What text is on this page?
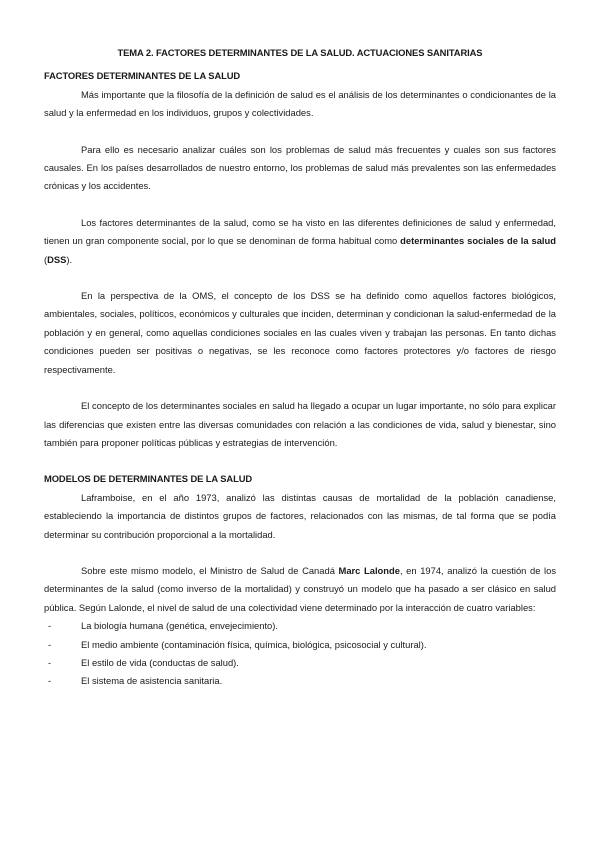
TEMA 2. FACTORES DETERMINANTES DE LA SALUD. ACTUACIONES SANITARIAS
FACTORES DETERMINANTES DE LA SALUD

Más importante que la filosofía de la definición de salud es el análisis de los determinantes o condicionantes de la salud y la enfermedad en los individuos, grupos y colectividades.

Para ello es necesario analizar cuáles son los problemas de salud más frecuentes y cuales son sus factores causales. En los países desarrollados de nuestro entorno, los problemas de salud más prevalentes son las enfermedades crónicas y los accidentes.

Los factores determinantes de la salud, como se ha visto en las diferentes definiciones de salud y enfermedad, tienen un gran componente social, por lo que se denominan de forma habitual como determinantes sociales de la salud (DSS).

En la perspectiva de la OMS, el concepto de los DSS se ha definido como aquellos factores biológicos, ambientales, sociales, políticos, económicos y culturales que inciden, determinan y condicionan la salud-enfermedad de la población y en general, como aquellas condiciones sociales en las cuales viven y trabajan las personas. En tanto dichas condiciones pueden ser positivas o negativas, se les reconoce como factores protectores y/o factores de riesgo respectivamente.

El concepto de los determinantes sociales en salud ha llegado a ocupar un lugar importante, no sólo para explicar las diferencias que existen entre las diversas comunidades con relación a las condiciones de vida, salud y bienestar, sino también para proponer políticas públicas y estrategias de intervención.

MODELOS DE DETERMINANTES DE LA SALUD

Laframboise, en el año 1973, analizó las distintas causas de mortalidad de la población canadiense, estableciendo la importancia de distintos grupos de factores, relacionados con las mismas, de tal forma que se podía determinar su contribución proporcional a la mortalidad.

Sobre este mismo modelo, el Ministro de Salud de Canadá Marc Lalonde, en 1974, analizó la cuestión de los determinantes de la salud (como inverso de la mortalidad) y construyó un modelo que ha pasado a ser clásico en salud pública. Según Lalonde, el nivel de salud de una colectividad viene determinado por la interacción de cuatro variables:

-	La biología humana (genética, envejecimiento).
-	El medio ambiente (contaminación física, química, biológica, psicosocial y cultural).
-	El estilo de vida (conductas de salud).
-	El sistema de asistencia sanitaria.
